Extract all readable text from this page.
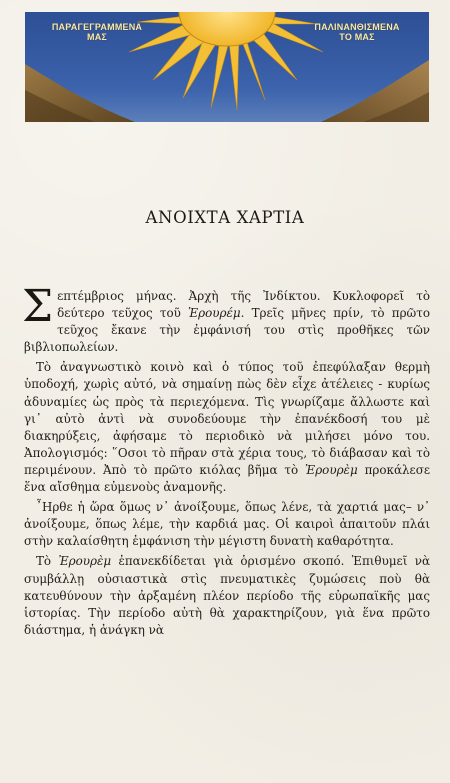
ΠΑΡΑΓΕΓΡΑΜΜΕΝΑ ΜΑΣ
ΠΑΛΙΝΑΝΘΙΣΜΕΝΑ ΤΟ ΜΑΣ
ΑΝΟΙΧΤΑ ΧΑΡΤΙΑ

Σεπτέμβριος μήνας. Ἀρχὴ τῆς Ἰνδίκτου. Κυκλοφορεῖ τὸ δεύτερο τεῦχος τοῦ Ἐρουρέμ. Τρεῖς μῆνες πρίν, τὸ πρῶτο τεῦχος ἔκανε τὴν ἐμφάνισή του στὶς προθῆκες τῶν βιβλιοπωλείων.

Τὸ ἀναγνωστικὸ κοινὸ καὶ ὁ τύπος τοῦ ἐπεφύλαξαν θερμὴ ὑποδοχή, χωρὶς αὐτό, νὰ σημαίνῃ πὼς δὲν εἶχε ἀτέλειες - κυρίως ἀδυναμίες ὡς πρὸς τὰ περιεχόμενα. Τὶς γνωρίζαμε ἄλλωστε καὶ γι᾽ αὐτὸ ἀντὶ νὰ συνοδεύουμε τὴν ἐπανέκδοσή του μὲ διακηρύξεις, ἀφήσαμε τὸ περιοδικὸ νὰ μιλήσει μόνο του. Ἀπολογισμός: ῞Οσοι τὸ πῆραν στὰ χέρια τους, τὸ διάβασαν καὶ τὸ περιμένουν. Ἀπὸ τὸ πρῶτο κιόλας βῆμα τὸ Ἐρουρὲμ προκάλεσε ἕνα αἴσθημα εὐμενοὺς ἀναμονῆς.

῏Ηρθε ἡ ὥρα ὅμως ν᾽ ἀνοίξουμε, ὅπως λένε, τὰ χαρτιά μας– ν᾽ ἀνοίξουμε, ὅπως λέμε, τὴν καρδιά μας. Οἱ καιροὶ ἀπαιτοῦν πλάι στὴν καλαίσθητη ἐμφάνιση τὴν μέγιστη δυνατὴ καθαρότητα.

Τὸ Ἐρουρὲμ ἐπανεκδίδεται γιὰ ὁρισμένο σκοπό. Ἐπιθυμεῖ νὰ συμβάλλῃ οὐσιαστικὰ στὶς πνευματικὲς ζυμώσεις ποὺ θὰ κατευθύνουν τὴν ἀρξαμένη πλέον περίοδο τῆς εὐρωπαϊκῆς μας ἱστορίας. Τὴν περίοδο αὐτὴ θὰ χαρακτηρίζουν, γιὰ ἕνα πρῶτο διάστημα, ἡ ἀνάγκη νὰ
